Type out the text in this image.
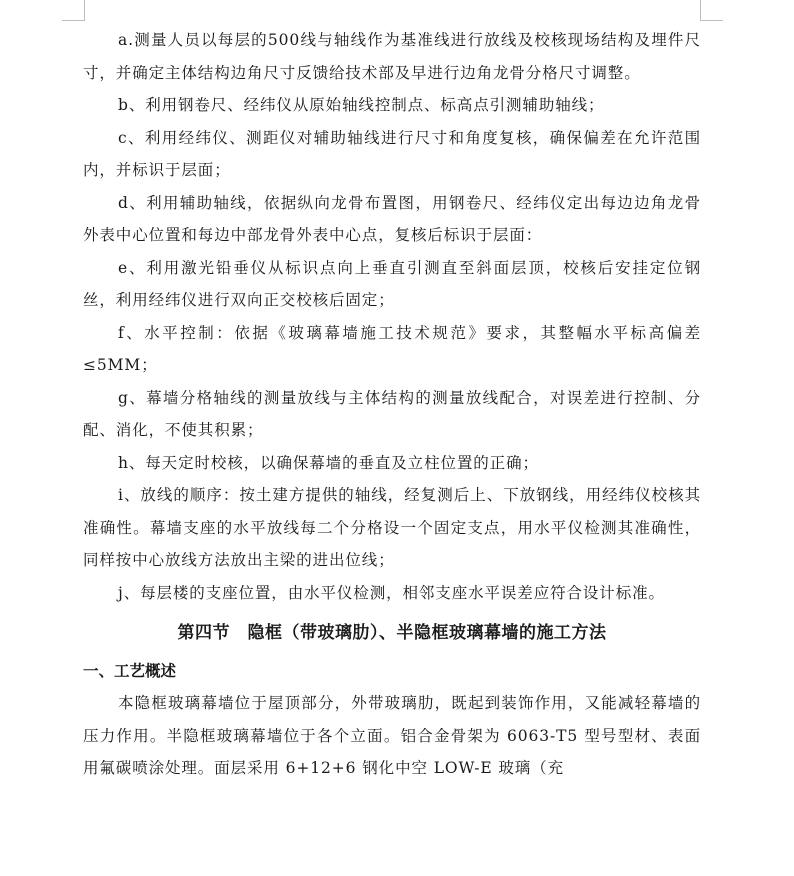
a.测量人员以每层的500线与轴线作为基准线进行放线及校核现场结构及埋件尺寸，并确定主体结构边角尺寸反馈给技术部及早进行边角龙骨分格尺寸调整。

b、利用钢卷尺、经纬仪从原始轴线控制点、标高点引测辅助轴线；

c、利用经纬仪、测距仪对辅助轴线进行尺寸和角度复核，确保偏差在允许范围内，并标识于层面；

d、利用辅助轴线，依据纵向龙骨布置图，用钢卷尺、经纬仪定出每边边角龙骨外表中心位置和每边中部龙骨外表中心点，复核后标识于层面：

e、利用激光铅垂仪从标识点向上垂直引测直至斜面层顶，校核后安挂定位钢丝，利用经纬仪进行双向正交校核后固定；

f、水平控制：依据《玻璃幕墙施工技术规范》要求，其整幅水平标高偏差≤5MM；

g、幕墙分格轴线的测量放线与主体结构的测量放线配合，对误差进行控制、分配、消化，不使其积累；

h、每天定时校核，以确保幕墙的垂直及立柱位置的正确；

i、放线的顺序：按土建方提供的轴线，经复测后上、下放钢线，用经纬仪校核其准确性。幕墙支座的水平放线每二个分格设一个固定支点，用水平仪检测其准确性，同样按中心放线方法放出主梁的进出位线；

j、每层楼的支座位置，由水平仪检测，相邻支座水平误差应符合设计标准。

第四节　隐框（带玻璃肋）、半隐框玻璃幕墙的施工方法
一、工艺概述

本隐框玻璃幕墙位于屋顶部分，外带玻璃肋，既起到装饰作用，又能减轻幕墙的压力作用。半隐框玻璃幕墙位于各个立面。铝合金骨架为 6063-T5 型号型材、表面用氟碳喷涂处理。面层采用 6+12+6 钢化中空 LOW-E 玻璃（充
